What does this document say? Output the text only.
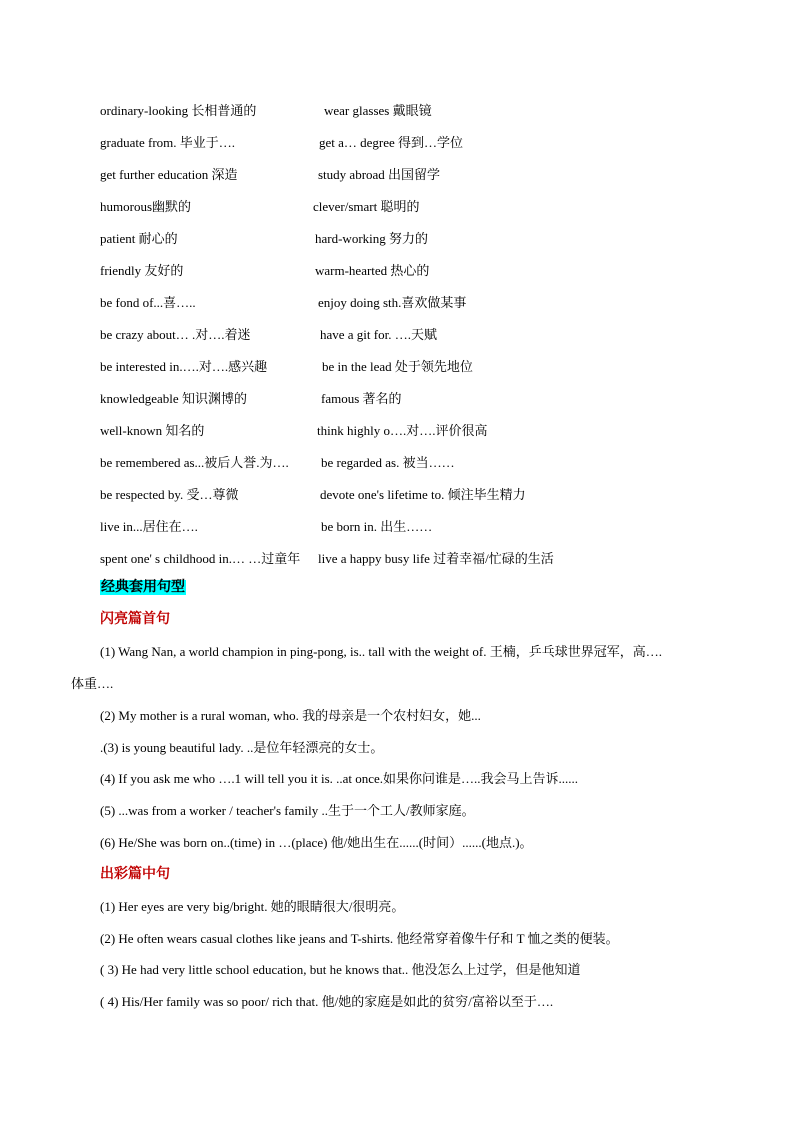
ordinary-looking 长相普通的	wear glasses 戴眼镜
graduate from. 毕业于….	get a… degree 得到…学位
get further education 深造	study abroad 出国留学
humorous幽默的	clever/smart 聪明的
patient 耐心的	hard-working 努力的
friendly 友好的	warm-hearted 热心的
be fond of...喜…..	enjoy doing sth.喜欢做某事
be crazy about… .对….着迷	have a git for. ….天赋
be interested in.….对….感兴趣	be in the lead 处于领先地位
knowledgeable 知识渊博的	famous 著名的
well-known 知名的	think highly o….对….评价很高
be remembered as...被后人誉.为…. be regarded as. 被当……
be respected by. 受…尊微	devote one's lifetime to. 倾注毕生精力
live in...居住在….	be born in. 出生……
spent one' s childhood in.… …过童年 live a happy busy life 过着幸福/忙碌的生活
经典套用句型
闪亮篇首句
(1) Wang Nan, a world champion in ping-pong, is.. tall with the weight of. 王楠，乒乓球世界冠军，高….
体重….
(2) My mother is a rural woman, who. 我的母亲是一个农村妇女，她...
.(3) is young beautiful lady. ..是位年轻漂亮的女士。
(4) If you ask me who ….1 will tell you it is. ..at once.如果你问谁是…..我会马上告诉......
(5) ...was from a worker / teacher's family ..生于一个工人/教师家庭。
(6) He/She was born on..(time) in …(place) 他/她出生在......(时间）......(地点.)。
出彩篇中句
(1) Her eyes are very big/bright. 她的眼睛很大/很明亮。
(2) He often wears casual clothes like jeans and T-shirts. 他经常穿着像牛仔和 T 恤之类的便装。
( 3) He had very little school education, but he knows that.. 他没怎么上过学，但是他知道
( 4) His/Her family was so poor/ rich that. 他/她的家庭是如此的贫穷/富裕以至于….
